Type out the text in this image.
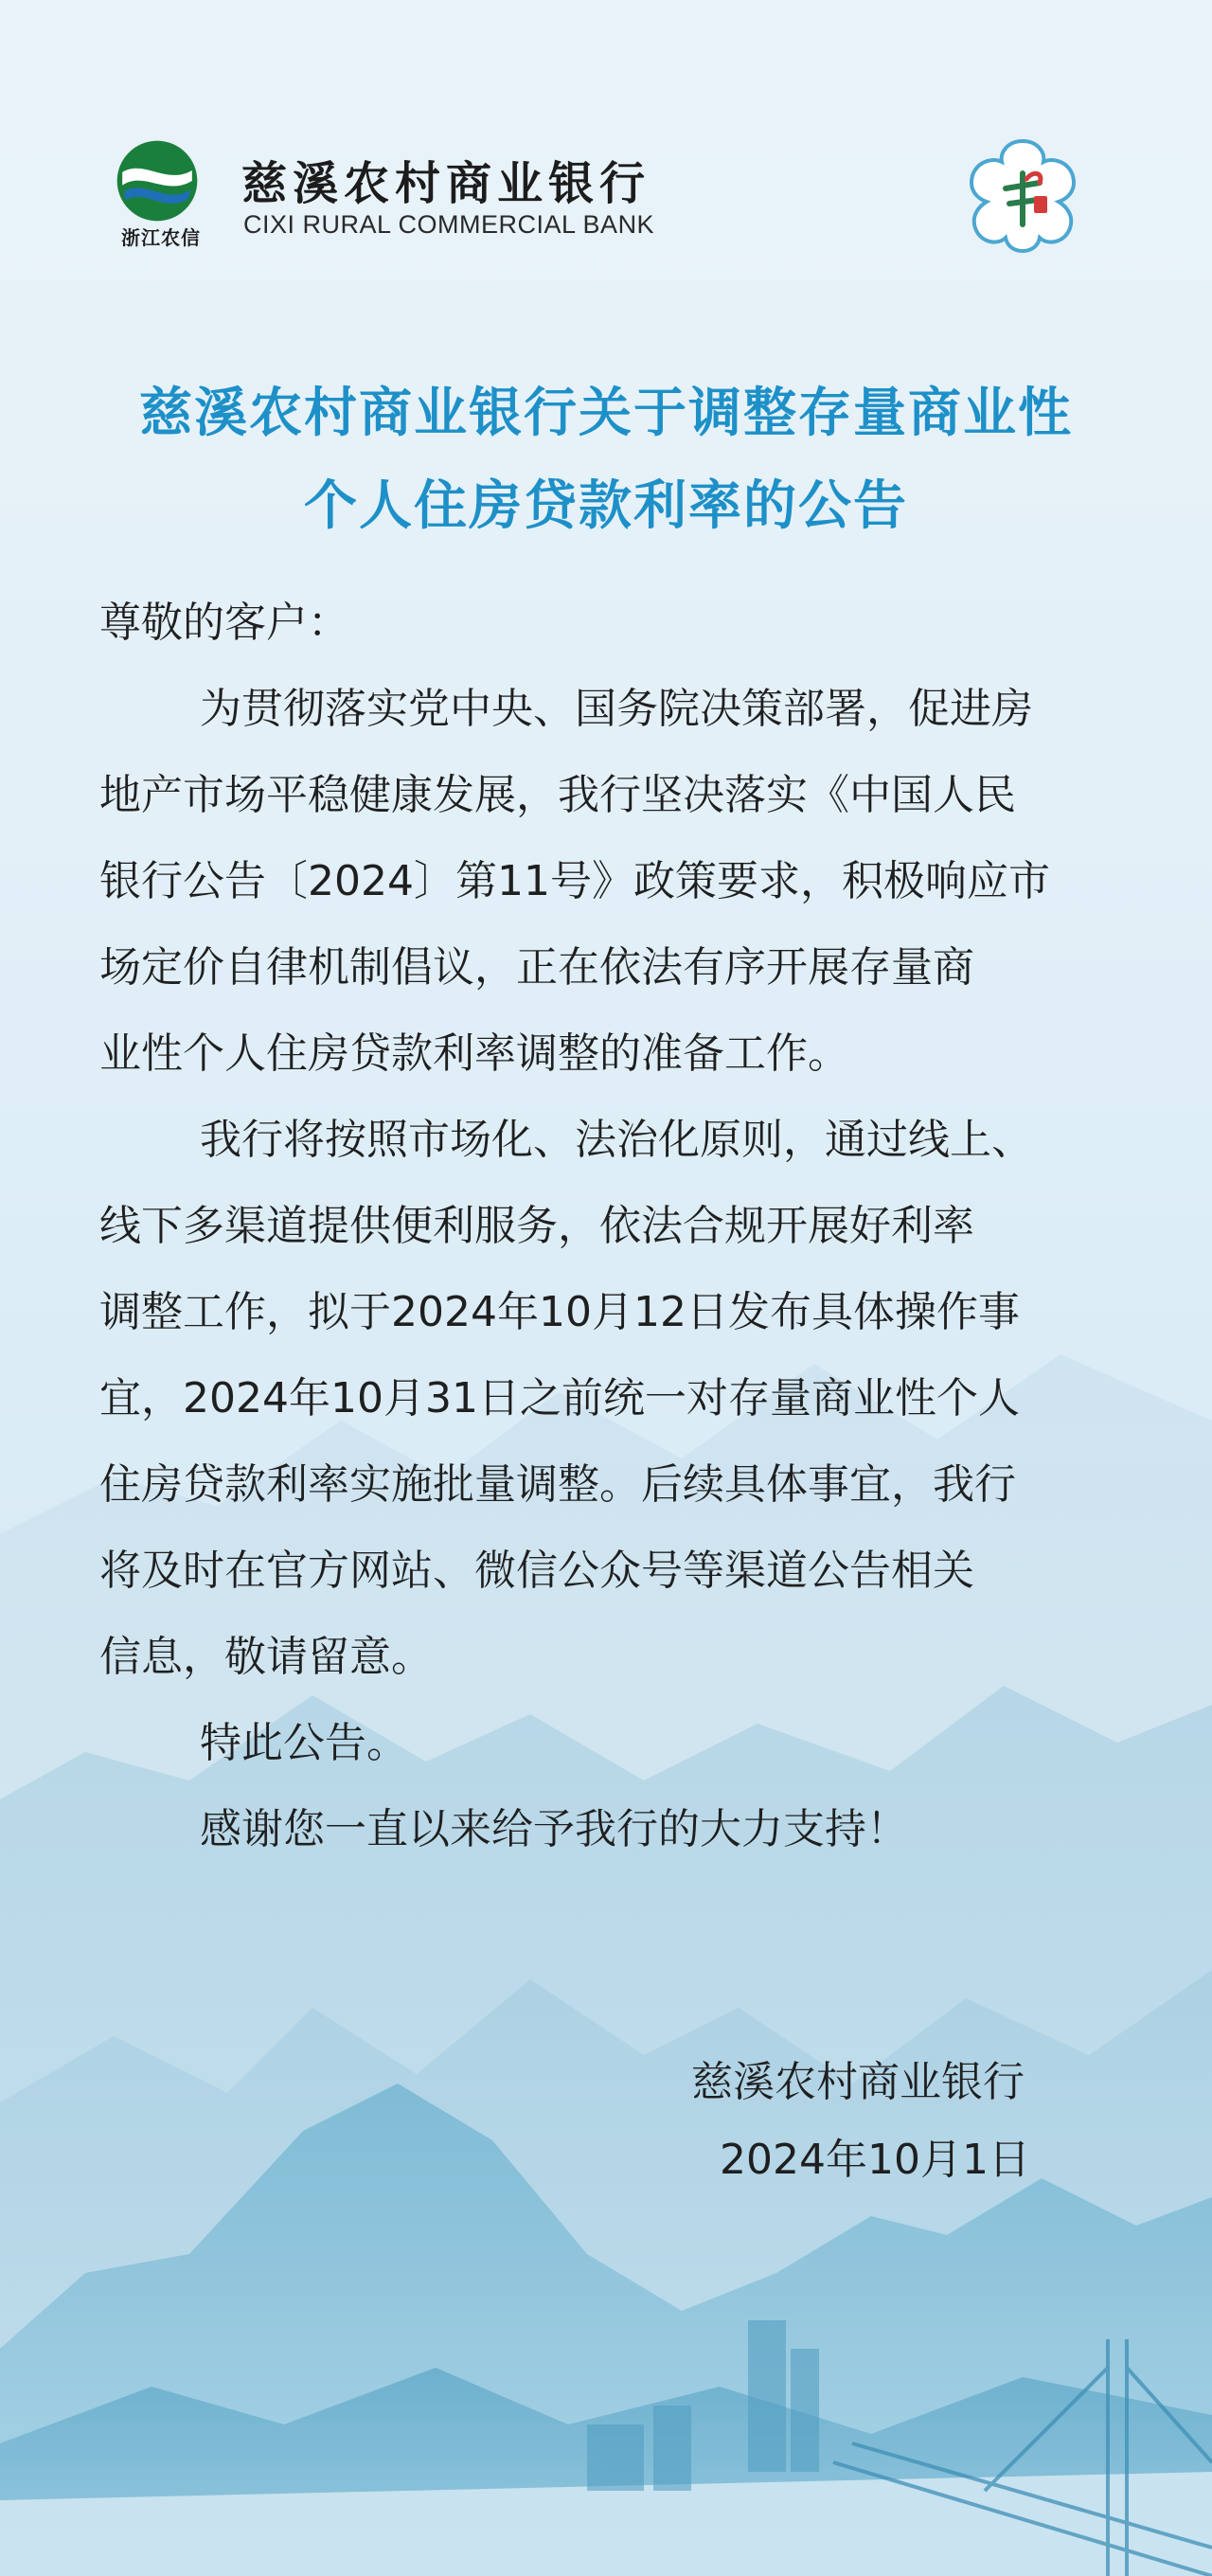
浙江农信
慈溪农村商业银行
CIXI RURAL COMMERCIAL BANK
慈溪农村商业银行关于调整存量商业性
个人住房贷款利率的公告
尊敬的客户：
为贯彻落实党中央、国务院决策部署，促进房
地产市场平稳健康发展，我行坚决落实《中国人民
银行公告〔2024〕第11号》政策要求，积极响应市
场定价自律机制倡议，正在依法有序开展存量商
业性个人住房贷款利率调整的准备工作。
我行将按照市场化、法治化原则，通过线上、
线下多渠道提供便利服务，依法合规开展好利率
调整工作，拟于2024年10月12日发布具体操作事
宜，2024年10月31日之前统一对存量商业性个人
住房贷款利率实施批量调整。后续具体事宜，我行
将及时在官方网站、微信公众号等渠道公告相关
信息，敬请留意。
特此公告。
感谢您一直以来给予我行的大力支持！
慈溪农村商业银行
2024年10月1日
